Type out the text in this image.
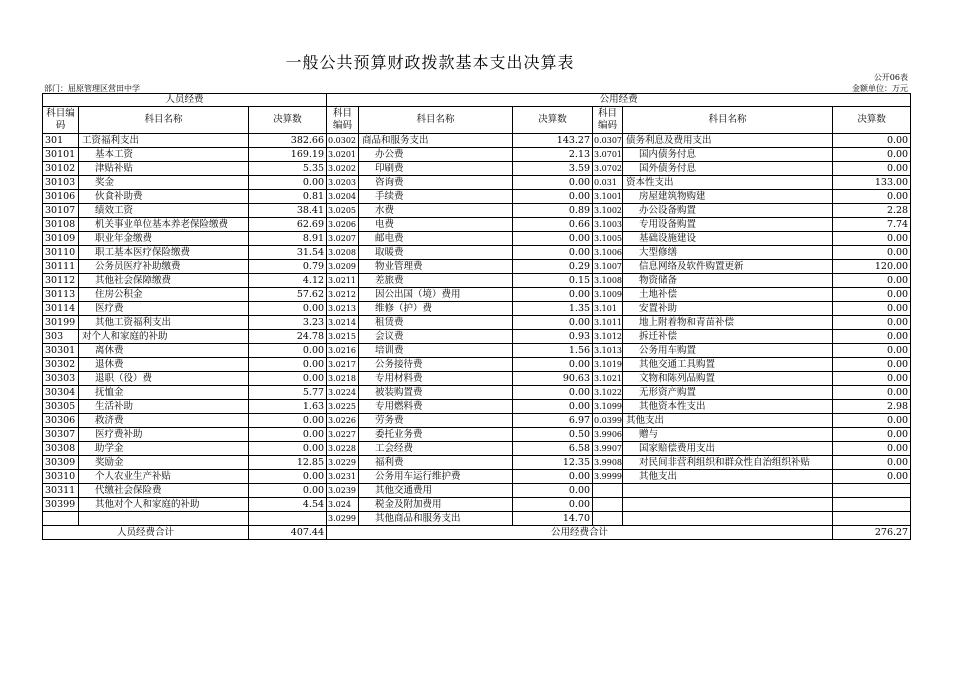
一般公共预算财政拨款基本支出决算表
公开06表
部门：屈原管理区营田中学	金额单位：万元
人员经费			公用经费					
科目编码	科目名称	决算数	科目编码	科目名称	决算数	科目编码	科目名称	决算数
301	工资福利支出	382.66	0.0302	商品和服务支出	143.27	0.0307	债务利息及费用支出	0.00
30101	基本工资	169.19	3.0201	办公费	2.13	3.0701	国内债务付息	0.00
30102	津贴补贴	5.35	3.0202	印刷费	3.59	3.0702	国外债务付息	0.00
30103	奖金	0.00	3.0203	咨询费	0.00	0.031	资本性支出	133.00
30106	伙食补助费	0.81	3.0204	手续费	0.00	3.1001	房屋建筑物购建	0.00
30107	绩效工资	38.41	3.0205	水费	0.89	3.1002	办公设备购置	2.28
30108	机关事业单位基本养老保险缴费	62.69	3.0206	电费	0.66	3.1003	专用设备购置	7.74
30109	职业年金缴费	8.91	3.0207	邮电费	0.00	3.1005	基础设施建设	0.00
30110	职工基本医疗保险缴费	31.54	3.0208	取暖费	0.00	3.1006	大型修缮	0.00
30111	公务员医疗补助缴费	0.79	3.0209	物业管理费	0.29	3.1007	信息网络及软件购置更新	120.00
30112	其他社会保障缴费	4.12	3.0211	差旅费	0.15	3.1008	物资储备	0.00
30113	住房公积金	57.62	3.0212	因公出国（境）费用	0.00	3.1009	土地补偿	0.00
30114	医疗费	0.00	3.0213	维修（护）费	1.35	3.101	安置补助	0.00
30199	其他工资福利支出	3.23	3.0214	租赁费	0.00	3.1011	地上附着物和青苗补偿	0.00
303	对个人和家庭的补助	24.78	3.0215	会议费	0.93	3.1012	拆迁补偿	0.00
30301	离休费	0.00	3.0216	培训费	1.56	3.1013	公务用车购置	0.00
30302	退休费	0.00	3.0217	公务接待费	0.00	3.1019	其他交通工具购置	0.00
30303	退职（役）费	0.00	3.0218	专用材料费	90.63	3.1021	文物和陈列品购置	0.00
30304	抚恤金	5.77	3.0224	被装购置费	0.00	3.1022	无形资产购置	0.00
30305	生活补助	1.63	3.0225	专用燃料费	0.00	3.1099	其他资本性支出	2.98
30306	救济费	0.00	3.0226	劳务费	6.97	0.0399	其他支出	0.00
30307	医疗费补助	0.00	3.0227	委托业务费	0.50	3.9906	赠与	0.00
30308	助学金	0.00	3.0228	工会经费	6.58	3.9907	国家赔偿费用支出	0.00
30309	奖励金	12.85	3.0229	福利费	12.35	3.9908	对民间非营利组织和群众性自治组织补贴	0.00
30310	个人农业生产补贴	0.00	3.0231	公务用车运行维护费	0.00	3.9999	其他支出	0.00
30311	代缴社会保险费	0.00	3.0239	其他交通费用	0.00			
30399	其他对个人和家庭的补助	4.54	3.024	税金及附加费用	0.00			
			3.0299	其他商品和服务支出	14.70			
人员经费合计		407.44	公用经费合计					276.27
